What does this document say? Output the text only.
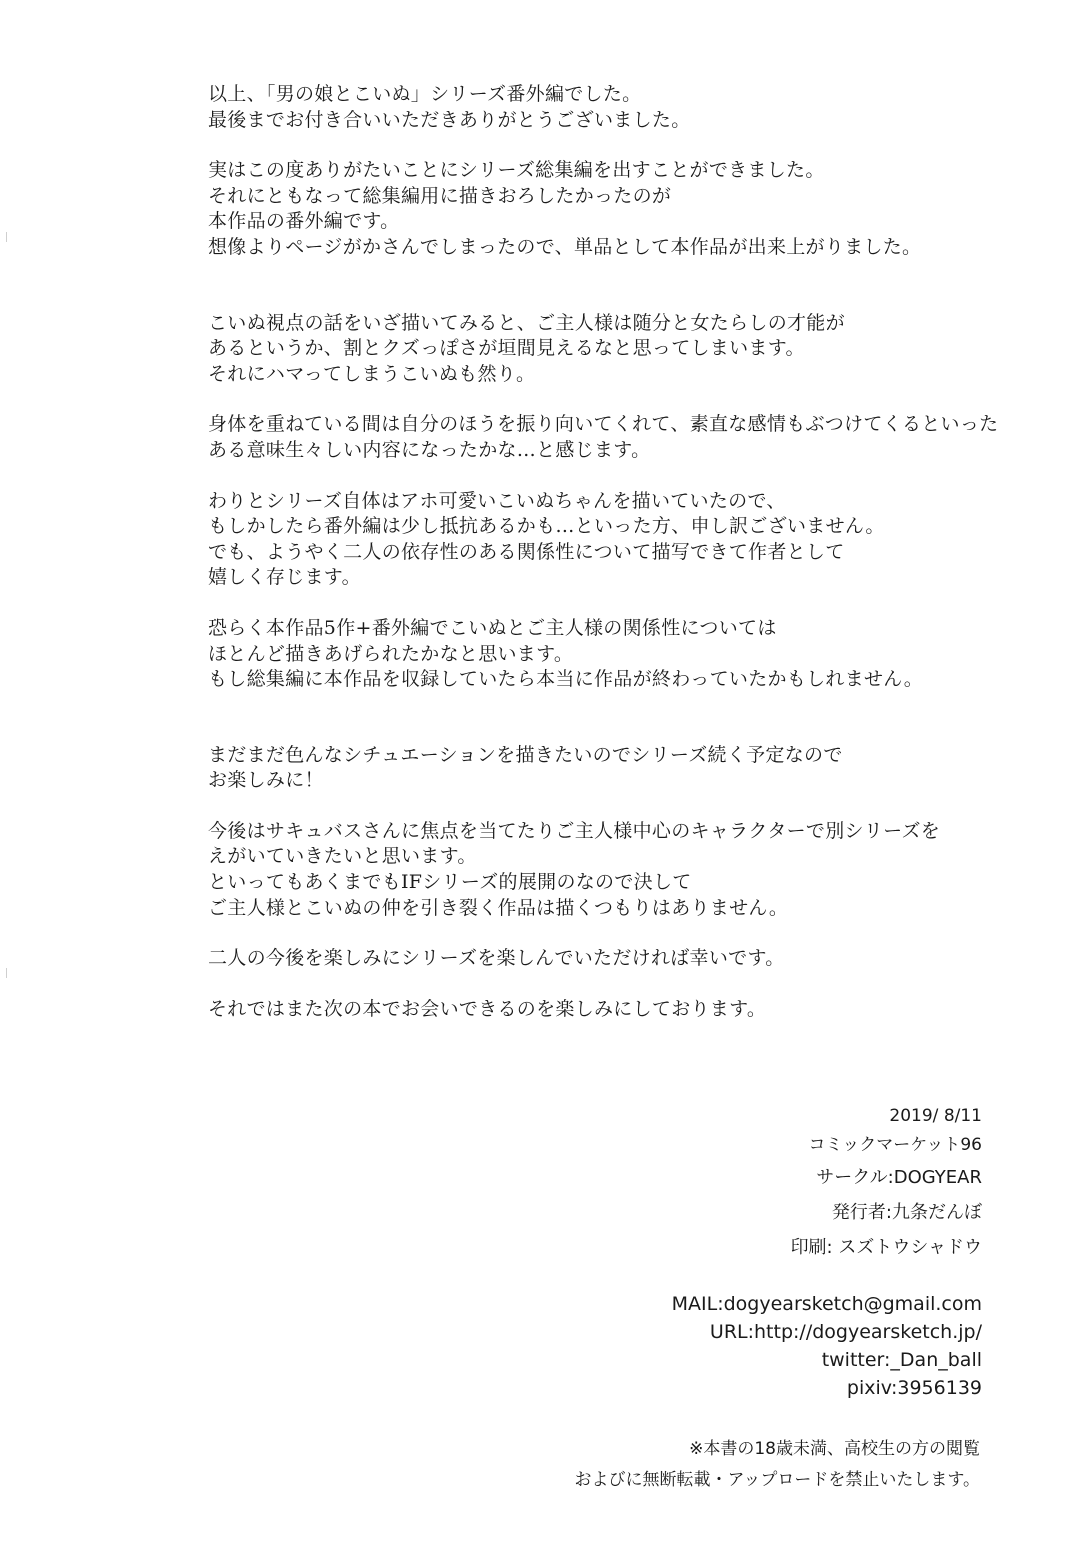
以上、「男の娘とこいぬ」シリーズ番外編でした。
最後までお付き合いいただきありがとうございました。

実はこの度ありがたいことにシリーズ総集編を出すことができました。
それにともなって総集編用に描きおろしたかったのが
本作品の番外編です。
想像よりページがかさんでしまったので、単品として本作品が出来上がりました。

こいぬ視点の話をいざ描いてみると、ご主人様は随分と女たらしの才能が
あるというか、割とクズっぽさが垣間見えるなと思ってしまいます。
それにハマってしまうこいぬも然り。

身体を重ねている間は自分のほうを振り向いてくれて、素直な感情もぶつけてくるといった
ある意味生々しい内容になったかな…と感じます。

わりとシリーズ自体はアホ可愛いこいぬちゃんを描いていたので、
もしかしたら番外編は少し抵抗あるかも…といった方、申し訳ございません。
でも、ようやく二人の依存性のある関係性について描写できて作者として
嬉しく存じます。

恐らく本作品5作+番外編でこいぬとご主人様の関係性については
ほとんど描きあげられたかなと思います。
もし総集編に本作品を収録していたら本当に作品が終わっていたかもしれません。

まだまだ色んなシチュエーションを描きたいのでシリーズ続く予定なので
お楽しみに！

今後はサキュバスさんに焦点を当てたりご主人様中心のキャラクターで別シリーズを
えがいていきたいと思います。
といってもあくまでもIFシリーズ的展開のなので決して
ご主人様とこいぬの仲を引き裂く作品は描くつもりはありません。

二人の今後を楽しみにシリーズを楽しんでいただければ幸いです。

それではまた次の本でお会いできるのを楽しみにしております。

2019/ 8/11
コミックマーケット96
サークル:DOGYEAR
発行者:九条だんぼ
印刷: スズトウシャドウ
MAIL:dogyearsketch@gmail.com
URL:http://dogyearsketch.jp/
twitter:_Dan_ball
pixiv:3956139
※本書の18歳未満、高校生の方の閲覧
およびに無断転載・アップロードを禁止いたします。
